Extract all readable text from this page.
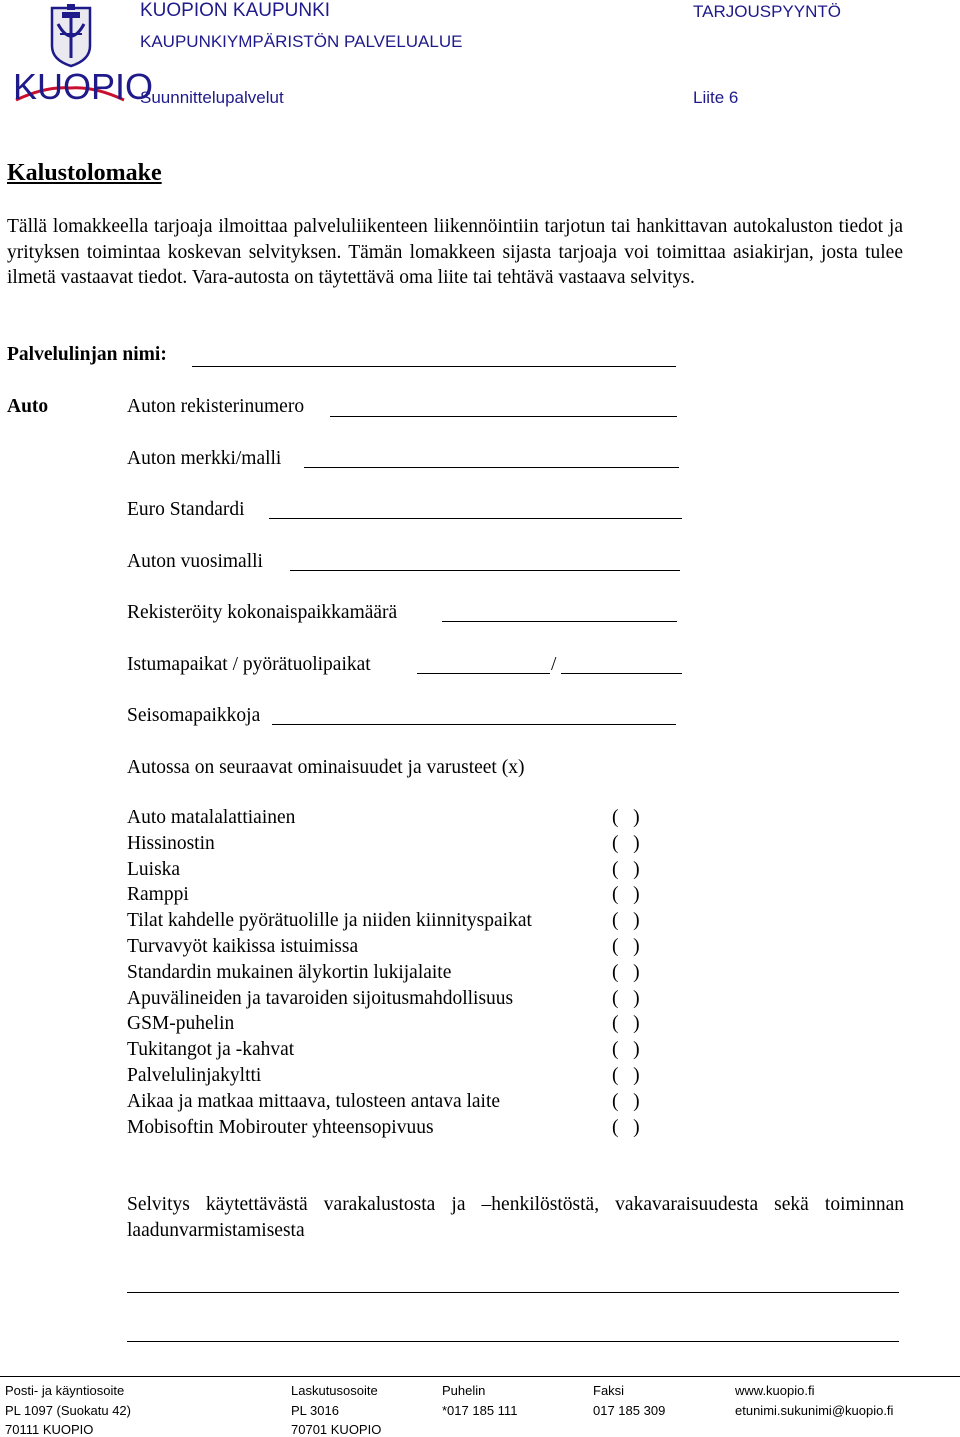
KUOPIO
KUOPION KAUPUNKI
KAUPUNKIYMPÄRISTÖN PALVELUALUE
Suunnittelupalvelut
TARJOUSPYYNTÖ
Liite 6
Kalustolomake
Tällä lomakkeella tarjoaja ilmoittaa palveluliikenteen liikennöintiin tarjotun tai hankittavan autokaluston tiedot ja yrityksen toimintaa koskevan selvityksen. Tämän lomakkeen sijasta tarjoaja voi toimittaa asiakirjan, josta tulee ilmetä vastaavat tiedot. Vara-autosta on täytettävä oma liite tai tehtävä vastaava selvitys.
Palvelulinjan nimi:
Auto	Auton rekisterinumero
Auton merkki/malli
Euro Standardi
Auton vuosimalli
Rekisteröity kokonaispaikkamäärä
Istumapaikat / pyörätuolipaikat	/
Seisomapaikkoja
Autossa on seuraavat ominaisuudet ja varusteet (x)
Auto matalalattiainen	(   )
Hissinostin	(   )
Luiska	(   )
Ramppi	(   )
Tilat kahdelle pyörätuolille ja niiden kiinnityspaikat	(   )
Turvavyöt kaikissa istuimissa	(   )
Standardin mukainen älykortin lukijalaite	(   )
Apuvälineiden ja tavaroiden sijoitusmahdollisuus	(   )
GSM-puhelin	(   )
Tukitangot ja -kahvat	(   )
Palvelulinjakyltti	(   )
Aikaa ja matkaa mittaava, tulosteen antava laite	(   )
Mobisoftin Mobirouter yhteensopivuus	(   )
Selvitys käytettävästä varakalustosta ja –henkilöstöstä, vakavaraisuudesta sekä toiminnan laadunvarmistamisesta
Posti- ja käyntiosoite
PL 1097 (Suokatu 42)
70111 KUOPIO
Laskutusosoite
PL 3016
70701 KUOPIO
Puhelin
*017 185 111
Faksi
017 185 309
www.kuopio.fi
etunimi.sukunimi@kuopio.fi
